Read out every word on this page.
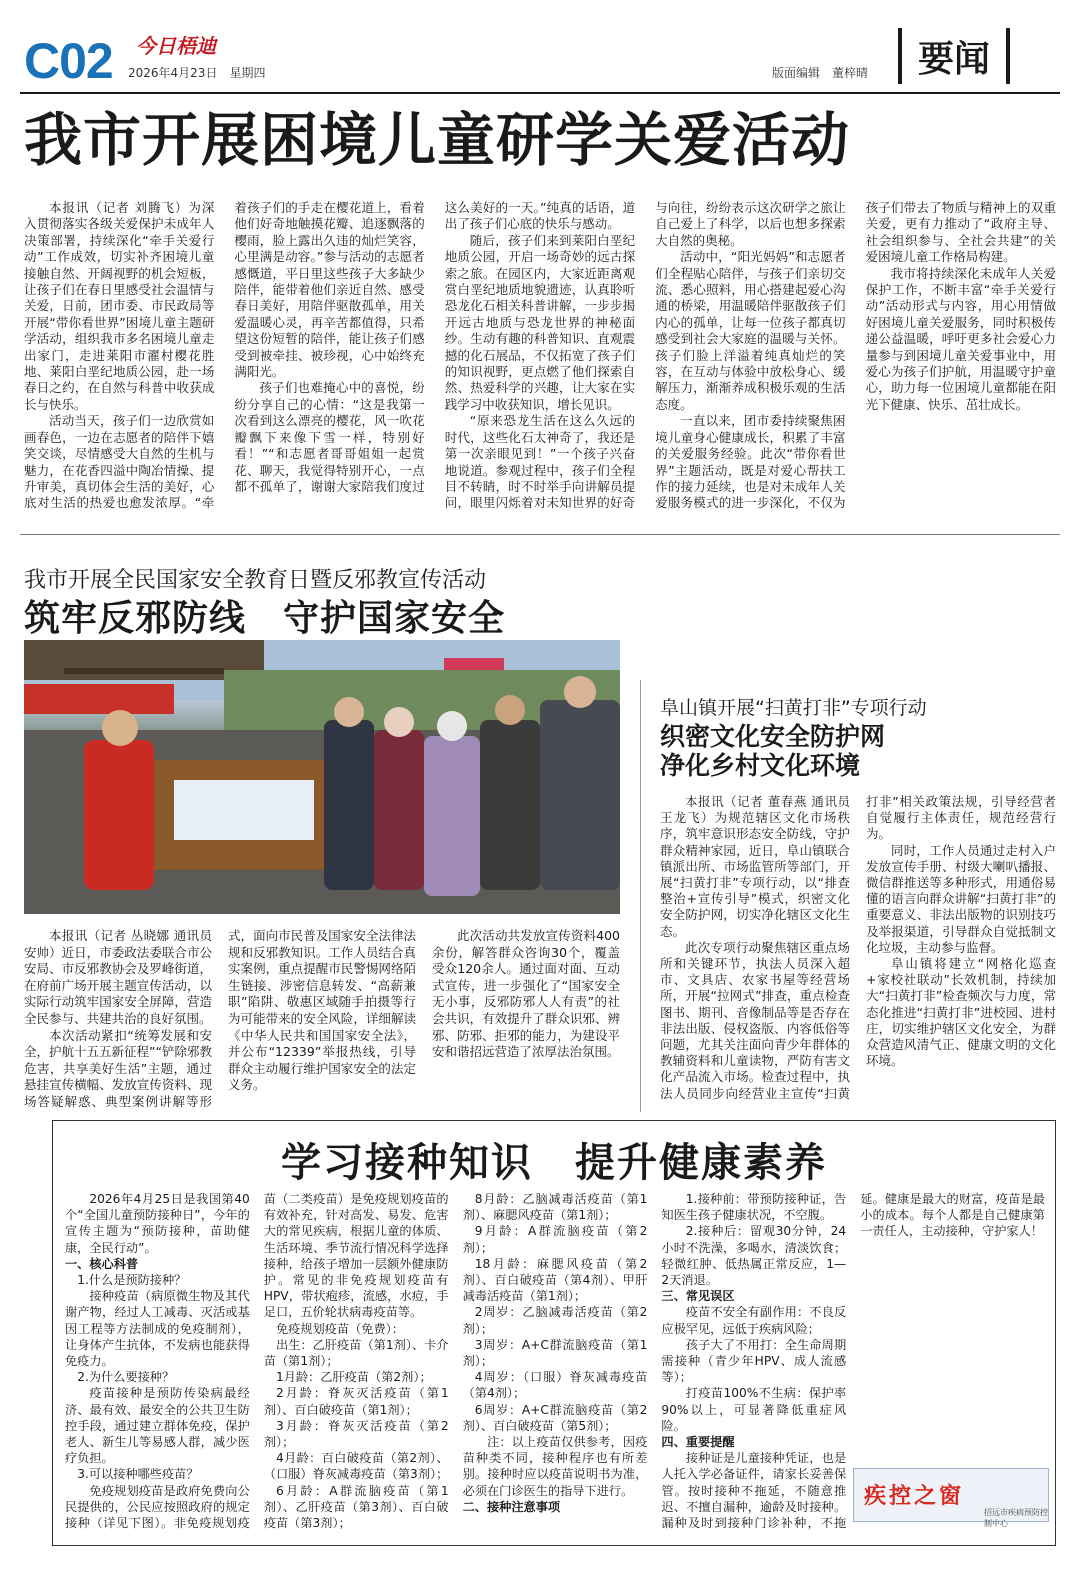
C02 今日梧迪
2026年4月23日　星期四	版面编辑　董梓晴	要闻
我市开展困境儿童研学关爱活动

本报讯（记者 刘腾飞）为深入贯彻落实各级关爱保护未成年人决策部署，持续深化“牵手关爱行动”工作成效，切实补齐困境儿童接触自然、开阔视野的机会短板，让孩子们在春日里感受社会温情与关爱，日前，团市委、市民政局等开展“带你看世界”困境儿童主题研学活动，组织我市多名困境儿童走出家门，走进莱阳市濯村樱花胜地、莱阳白垩纪地质公园，赴一场春日之约，在自然与科普中收获成长与快乐。

活动当天，孩子们一边欣赏如画春色，一边在志愿者的陪伴下嬉笑交谈，尽情感受大自然的生机与魅力，在花香四溢中陶冶情操、提升审美，真切体会生活的美好，心底对生活的热爱也愈发浓厚。“牵着孩子们的手走在樱花道上，看着他们好奇地触摸花瓣、追逐飘落的樱雨，脸上露出久违的灿烂笑容，心里满是动容。”参与活动的志愿者感慨道，平日里这些孩子大多缺少陪伴，能带着他们亲近自然、感受春日美好，用陪伴驱散孤单，用关爱温暖心灵，再辛苦都值得，只希望这份短暂的陪伴，能让孩子们感受到被牵挂、被珍视，心中始终充满阳光。

孩子们也难掩心中的喜悦，纷纷分享自己的心情：“这是我第一次看到这么漂亮的樱花，风一吹花瓣飘下来像下雪一样，特别好看！”“和志愿者哥哥姐姐一起赏花、聊天，我觉得特别开心，一点都不孤单了，谢谢大家陪我们度过这么美好的一天。”纯真的话语，道出了孩子们心底的快乐与感动。

随后，孩子们来到莱阳白垩纪地质公园，开启一场奇妙的远古探索之旅。在园区内，大家近距离观赏白垩纪地质地貌遗迹，认真聆听恐龙化石相关科普讲解，一步步揭开远古地质与恐龙世界的神秘面纱。生动有趣的科普知识、直观震撼的化石展品，不仅拓宽了孩子们的知识视野，更点燃了他们探索自然、热爱科学的兴趣，让大家在实践学习中收获知识，增长见识。

“原来恐龙生活在这么久远的时代，这些化石太神奇了，我还是第一次亲眼见到！”一个孩子兴奋地说道。参观过程中，孩子们全程目不转睛，时不时举手向讲解员提问，眼里闪烁着对未知世界的好奇与向往，纷纷表示这次研学之旅让自己爱上了科学，以后也想多探索大自然的奥秘。

活动中，“阳光妈妈”和志愿者们全程贴心陪伴，与孩子们亲切交流、悉心照料，用心搭建起爱心沟通的桥梁，用温暖陪伴驱散孩子们内心的孤单，让每一位孩子都真切感受到社会大家庭的温暖与关怀。孩子们脸上洋溢着纯真灿烂的笑容，在互动与体验中放松身心、缓解压力，渐渐养成积极乐观的生活态度。

一直以来，团市委持续聚焦困境儿童身心健康成长，积累了丰富的关爱服务经验。此次“带你看世界”主题活动，既是对爱心帮扶工作的接力延续，也是对未成年人关爱服务模式的进一步深化，不仅为孩子们带去了物质与精神上的双重关爱，更有力推动了“政府主导、社会组织参与、全社会共建”的关爱困境儿童工作格局构建。

我市将持续深化未成年人关爱保护工作，不断丰富“牵手关爱行动”活动形式与内容，用心用情做好困境儿童关爱服务，同时积极传递公益温暖，呼吁更多社会爱心力量参与到困境儿童关爱事业中，用爱心为孩子们护航，用温暖守护童心，助力每一位困境儿童都能在阳光下健康、快乐、茁壮成长。

我市开展全民国家安全教育日暨反邪教宣传活动
筑牢反邪防线　守护国家安全

本报讯（记者 丛晓娜 通讯员 安帅）近日，市委政法委联合市公安局、市反邪教协会及罗峰街道，在府前广场开展主题宣传活动，以实际行动筑牢国家安全屏障，营造全民参与、共建共治的良好氛围。

本次活动紧扣“统筹发展和安全，护航十五五新征程”“铲除邪教危害，共享美好生活”主题，通过悬挂宣传横幅、发放宣传资料、现场答疑解惑、典型案例讲解等形式，面向市民普及国家安全法律法规和反邪教知识。工作人员结合真实案例，重点提醒市民警惕网络陌生链接、涉密信息转发、“高薪兼职”陷阱、敬惠区域随手拍摄等行为可能带来的安全风险，详细解读《中华人民共和国国家安全法》，并公布“12339”举报热线，引导群众主动履行维护国家安全的法定义务。

此次活动共发放宣传资料400余份，解答群众咨询30个，覆盖受众120余人。通过面对面、互动式宣传，进一步强化了“国家安全无小事，反邪防邪人人有责”的社会共识，有效提升了群众识邪、辨邪、防邪、拒邪的能力，为建设平安和谐招远营造了浓厚法治氛围。

阜山镇开展“扫黄打非”专项行动
织密文化安全防护网
净化乡村文化环境

本报讯（记者 董春燕 通讯员 王龙飞）为规范辖区文化市场秩序，筑牢意识形态安全防线，守护群众精神家园，近日，阜山镇联合镇派出所、市场监管所等部门，开展“扫黄打非”专项行动，以“排查整治+宣传引导”模式，织密文化安全防护网，切实净化辖区文化生态。

此次专项行动聚焦辖区重点场所和关键环节，执法人员深入超市、文具店、农家书屋等经营场所，开展“拉网式”排查，重点检查图书、期刊、音像制品等是否存在非法出版、侵权盗版、内容低俗等问题，尤其关注面向青少年群体的教辅资料和儿童读物，严防有害文化产品流入市场。检查过程中，执法人员同步向经营业主宣传“扫黄打非”相关政策法规，引导经营者自觉履行主体责任，规范经营行为。

同时，工作人员通过走村入户发放宣传手册、村级大喇叭播报、微信群推送等多种形式，用通俗易懂的语言向群众讲解“扫黄打非”的重要意义、非法出版物的识别技巧及举报渠道，引导群众自觉抵制文化垃圾，主动参与监督。

阜山镇将建立“网格化巡查+家校社联动”长效机制，持续加大“扫黄打非”检查频次与力度，常态化推进“扫黄打非”进校园、进村庄，切实维护辖区文化安全，为群众营造风清气正、健康文明的文化环境。

学习接种知识　提升健康素养

2026年4月25日是我国第40个“全国儿童预防接种日”，今年的宣传主题为“预防接种，苗助健康，全民行动”。

一、核心科普

1.什么是预防接种？

接种疫苗（病原微生物及其代谢产物，经过人工减毒、灭活或基因工程等方法制成的免疫制剂），让身体产生抗体，不发病也能获得免疫力。

2.为什么要接种？

疫苗接种是预防传染病最经济、最有效、最安全的公共卫生防控手段，通过建立群体免疫，保护老人、新生儿等易感人群，减少医疗负担。

3.可以接种哪些疫苗？

免疫规划疫苗是政府免费向公民提供的，公民应按照政府的规定接种（详见下图）。非免疫规划疫苗（二类疫苗）是免疫规划疫苗的有效补充，针对高发、易发、危害大的常见疾病，根据儿童的体质、生活环境、季节流行情况科学选择接种，给孩子增加一层额外健康防护。常见的非免疫规划疫苗有HPV，带状疱疹，流感，水痘，手足口，五价轮状病毒疫苗等。

免疫规划疫苗（免费）：

出生：乙肝疫苗（第1剂）、卡介苗（第1剂）；

1月龄：乙肝疫苗（第2剂）；

2月龄：脊灰灭活疫苗（第1剂）、百白破疫苗（第1剂）；

3月龄：脊灰灭活疫苗（第2剂）；

4月龄：百白破疫苗（第2剂）、（口服）脊灰减毒疫苗（第3剂）；

6月龄：A群流脑疫苗（第1剂）、乙肝疫苗（第3剂）、百白破疫苗（第3剂）；

8月龄：乙脑减毒活疫苗（第1剂）、麻腮风疫苗（第1剂）；

9月龄：A群流脑疫苗（第2剂）；

18月龄：麻腮风疫苗（第2剂）、百白破疫苗（第4剂）、甲肝减毒活疫苗（第1剂）；

2周岁：乙脑减毒活疫苗（第2剂）；

3周岁：A+C群流脑疫苗（第1剂）；

4周岁：（口服）脊灰减毒疫苗（第4剂）；

6周岁：A+C群流脑疫苗（第2剂）、百白破疫苗（第5剂）；

注：以上疫苗仅供参考，因疫苗种类不同，接种程序也有所差别。接种时应以疫苗说明书为准，必须在门诊医生的指导下进行。

二、接种注意事项

1.接种前：带预防接种证，告知医生孩子健康状况，不空腹。

2.接种后：留观30分钟，24小时不洗澡，多喝水，清淡饮食；轻微红肿、低热属正常反应，1—2天消退。

三、常见误区

疫苗不安全有副作用：不良反应极罕见，远低于疾病风险；

孩子大了不用打：全生命周期需接种（青少年HPV、成人流感等）；

打疫苗100%不生病：保护率90%以上，可显著降低重症风险。

四、重要提醒

接种证是儿童接种凭证，也是人托入学必备证件，请家长妥善保管。按时接种不拖延，不随意推迟、不擅自漏种，逾龄及时接种。漏种及时到接种门诊补种，不拖延。健康是最大的财富，疫苗是最小的成本。每个人都是自己健康第一责任人，主动接种，守护家人！

疾控之窗
招远市疾病预防控制中心
